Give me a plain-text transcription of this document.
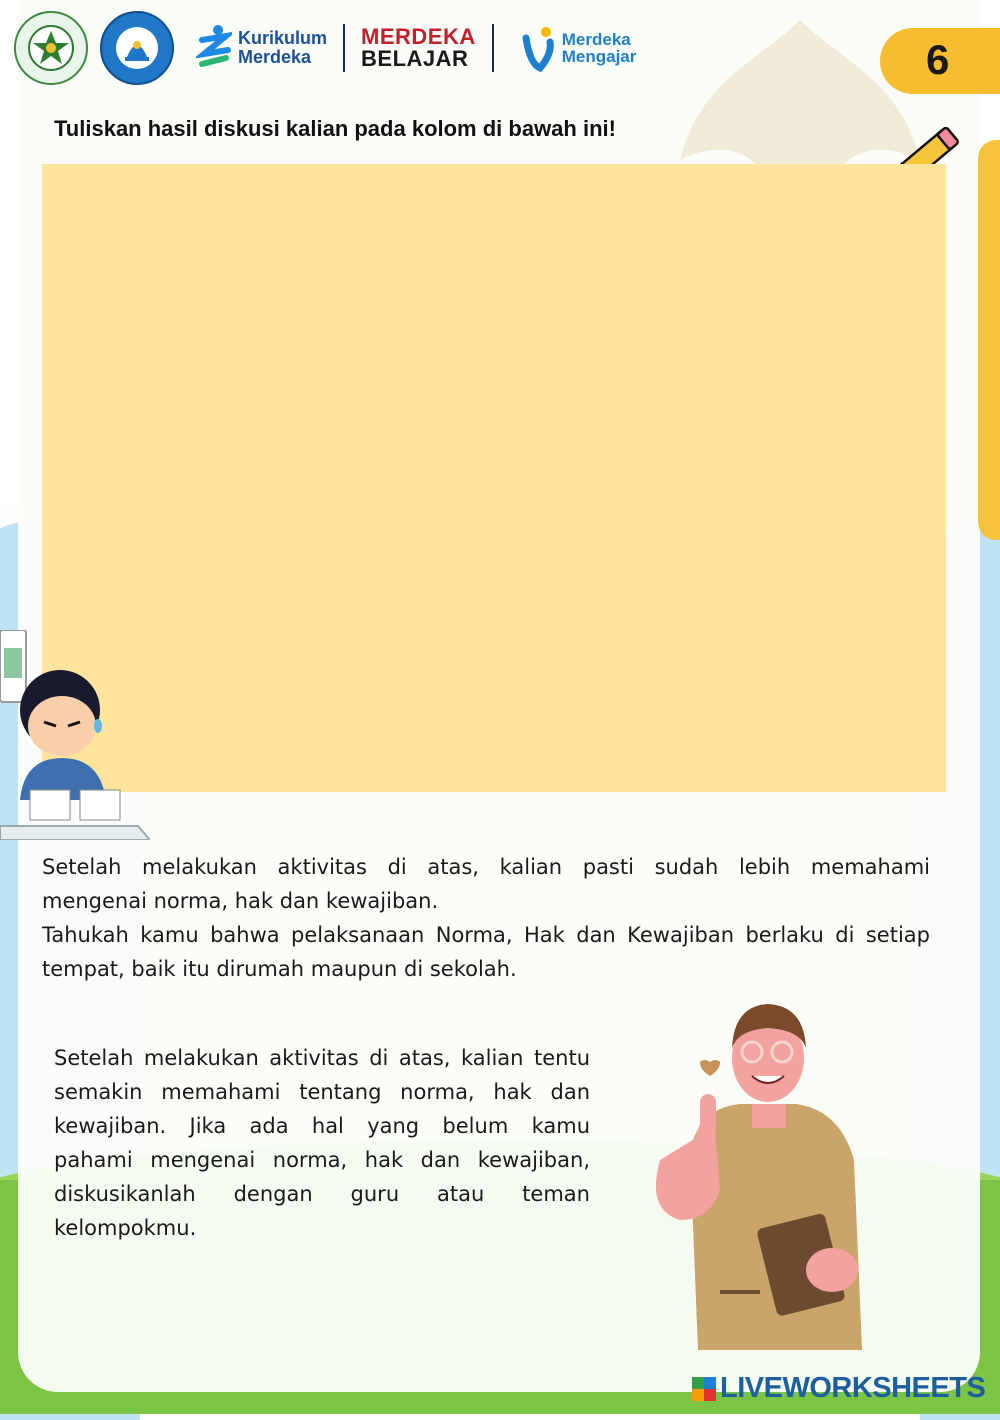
Kurikulum
Merdeka
MERDEKA
BELAJAR
Merdeka
Mengajar	6
Tuliskan hasil diskusi kalian pada kolom di bawah ini!

Setelah melakukan aktivitas di atas, kalian pasti sudah lebih memahami

mengenai norma, hak dan kewajiban.

Tahukah kamu bahwa pelaksanaan Norma, Hak dan Kewajiban berlaku di setiap

tempat, baik itu dirumah maupun di sekolah.

Setelah melakukan aktivitas di atas, kalian tentu
semakin memahami tentang norma, hak dan
kewajiban. Jika ada hal yang belum kamu
pahami mengenai norma, hak dan kewajiban,
diskusikanlah dengan guru atau teman
kelompokmu.
LIVEWORKSHEETS
